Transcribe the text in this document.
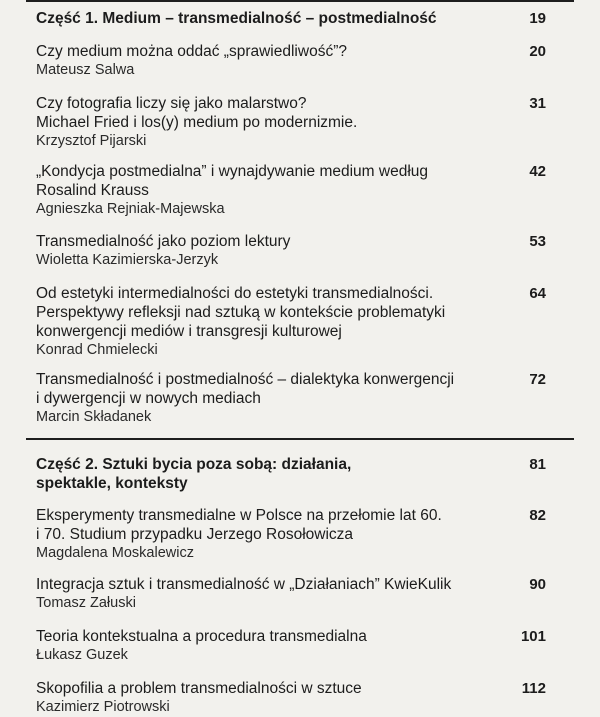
Część 1. Medium – transmedialność – postmedialność	19
Czy medium można oddać „sprawiedliwość”?
Mateusz Salwa
20
Czy fotografia liczy się jako malarstwo?
Michael Fried i los(y) medium po modernizmie.
Krzysztof Pijarski
31
„Kondycja postmedialna” i wynajdywanie medium według
Rosalind Krauss
Agnieszka Rejniak-Majewska
42
Transmedialność jako poziom lektury
Wioletta Kazimierska-Jerzyk
53
Od estetyki intermedialności do estetyki transmedialności.
Perspektywy refleksji nad sztuką w kontekście problematyki
konwergencji mediów i transgresji kulturowej
Konrad Chmielecki
64
Transmedialność i postmedialność – dialektyka konwergencji
i dywergencji w nowych mediach
Marcin Składanek
72
Część 2. Sztuki bycia poza sobą: działania,
spektakle, konteksty
81
Eksperymenty transmedialne w Polsce na przełomie lat 60.
i 70. Studium przypadku Jerzego Rosołowicza
Magdalena Moskalewicz
82
Integracja sztuk i transmedialność w „Działaniach” KwieKulik
Tomasz Załuski
90
Teoria kontekstualna a procedura transmedialna
Łukasz Guzek
101
Skopofilia a problem transmedialności w sztuce
Kazimierz Piotrowski
112
